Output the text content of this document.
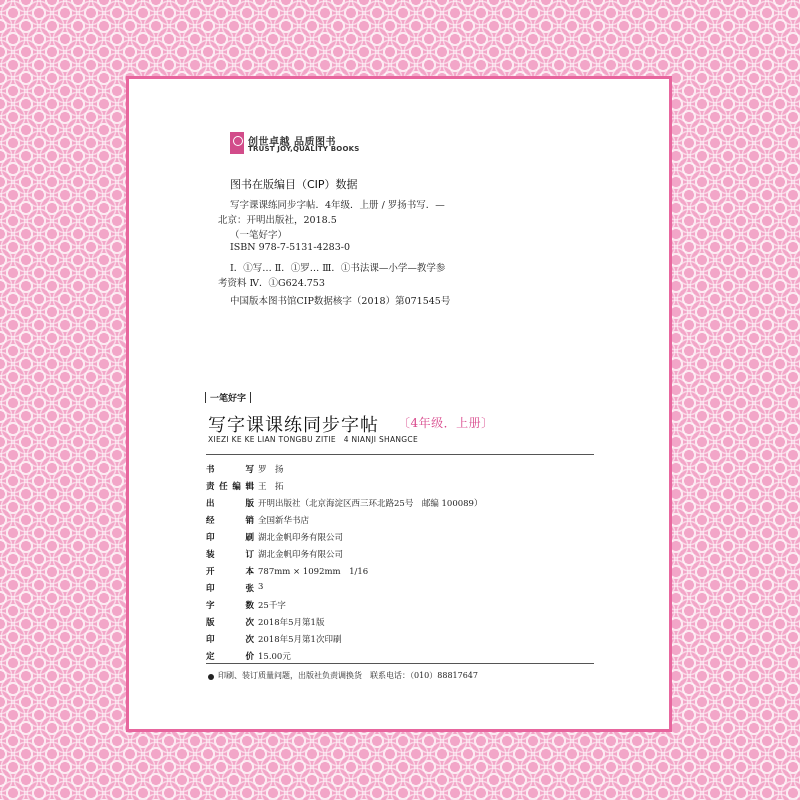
创世卓越 品质图书
TRUST JOY,QUALITY BOOKS
图书在版编目（CIP）数据
写字课课练同步字帖．4年级．上册 / 罗扬书写．—
北京：开明出版社，2018.5
（一笔好字）
ISBN 978-7-5131-4283-0
Ⅰ．①写… Ⅱ．①罗… Ⅲ．①书法课—小学—教学参
考资料 Ⅳ．①G624.753
中国版本图书馆CIP数据核字（2018）第071545号
一笔好字
写字课课练同步字帖 〔4年级．上册〕
XIEZI KE KE LIAN TONGBU ZITIE　4 NIANJI SHANGCE
书	写 罗　扬
责 任 编 辑 王　拓
出	版 开明出版社（北京海淀区西三环北路25号　邮编 100089）
经	销 全国新华书店
印	刷 湖北金帆印务有限公司
装	订 湖北金帆印务有限公司
开	本 787mm × 1092mm　1/16
印	张 3
字	数 25千字
版	次 2018年5月第1版
印	次 2018年5月第1次印刷
定	价 15.00元
印刷、装订质量问题，出版社负责调换货　联系电话：（010）88817647
